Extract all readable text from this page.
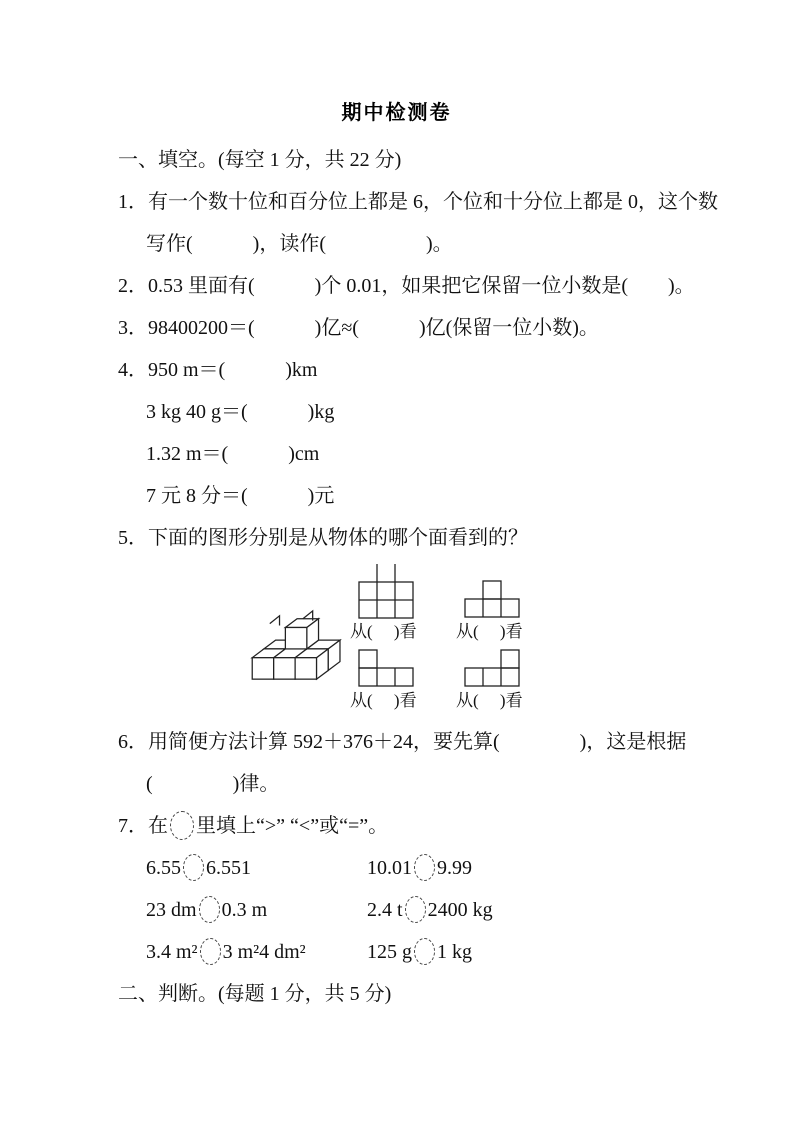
期中检测卷
一、填空。(每空 1 分，共 22 分)
1．有一个数十位和百分位上都是 6，个位和十分位上都是 0，这个数
写作(　　　)，读作(　　　　　)。
2．0.53 里面有(　　　)个 0.01，如果把它保留一位小数是(　　)。
3．98400200＝(　　　)亿≈(　　　)亿(保留一位小数)。
4．950 m＝(　　　)km
3 kg 40 g＝(　　　)kg
1.32 m＝(　　　)cm
7 元 8 分＝(　　　)元
5．下面的图形分别是从物体的哪个面看到的？
从(　 )看	从(　 )看
从(　 )看	从(　 )看
6．用简便方法计算 592＋376＋24，要先算(　　　　)，这是根据
(　　　　)律。
7．在 里填上“>” “<”或“=”。
6.55 6.551	10.01 9.99
23 dm 0.3 m	2.4 t 2400 kg
3.4 m² 3 m²4 dm²	125 g 1 kg
二、判断。(每题 1 分，共 5 分)
